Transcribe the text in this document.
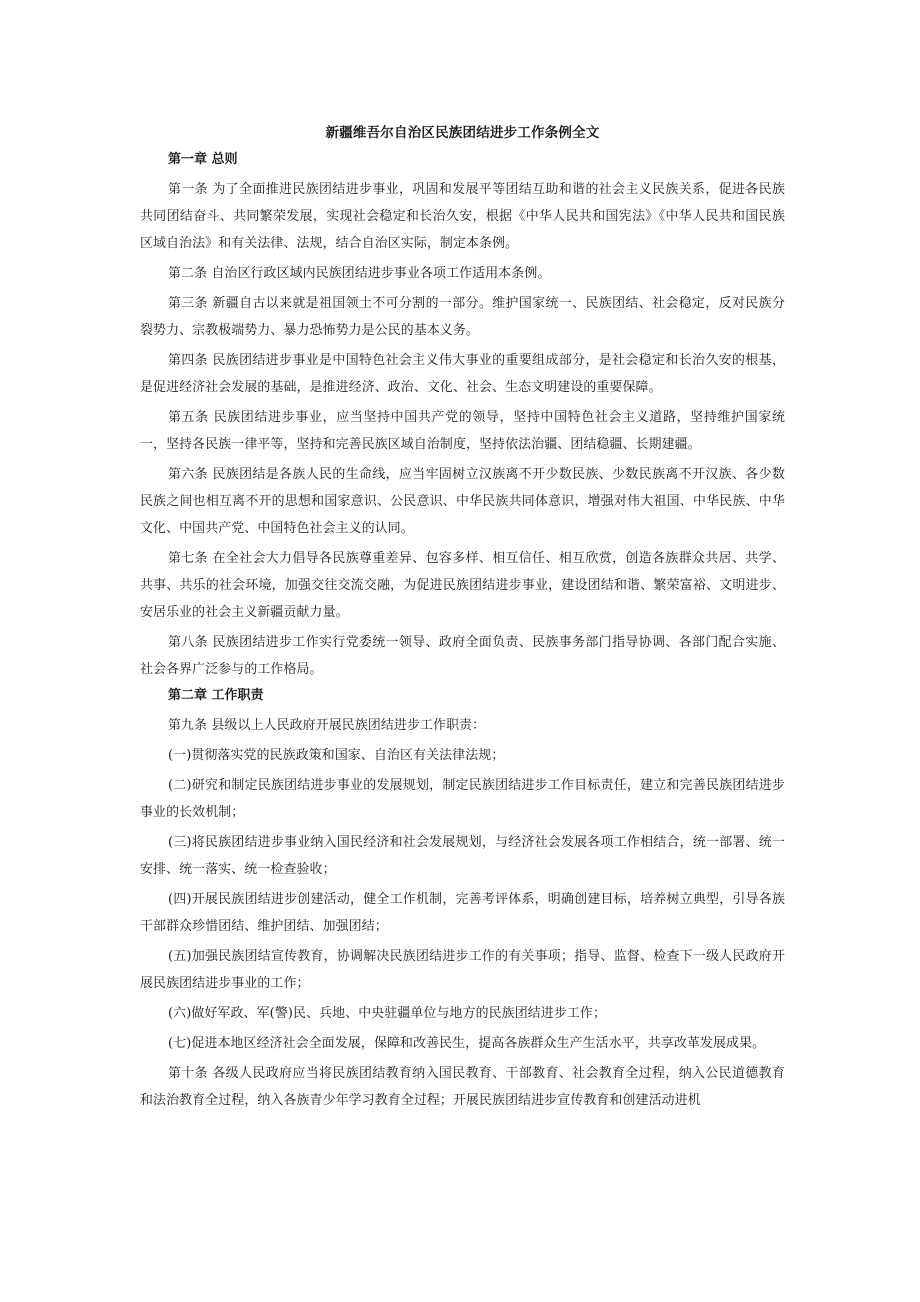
新疆维吾尔自治区民族团结进步工作条例全文
第一章 总则

第一条 为了全面推进民族团结进步事业，巩固和发展平等团结互助和谐的社会主义民族关系，促进各民族共同团结奋斗、共同繁荣发展，实现社会稳定和长治久安，根据《中华人民共和国宪法》《中华人民共和国民族区域自治法》和有关法律、法规，结合自治区实际，制定本条例。

第二条 自治区行政区域内民族团结进步事业各项工作适用本条例。

第三条 新疆自古以来就是祖国领土不可分割的一部分。维护国家统一、民族团结、社会稳定，反对民族分裂势力、宗教极端势力、暴力恐怖势力是公民的基本义务。

第四条 民族团结进步事业是中国特色社会主义伟大事业的重要组成部分，是社会稳定和长治久安的根基，是促进经济社会发展的基础，是推进经济、政治、文化、社会、生态文明建设的重要保障。

第五条 民族团结进步事业，应当坚持中国共产党的领导，坚持中国特色社会主义道路，坚持维护国家统一，坚持各民族一律平等，坚持和完善民族区域自治制度，坚持依法治疆、团结稳疆、长期建疆。

第六条 民族团结是各族人民的生命线，应当牢固树立汉族离不开少数民族、少数民族离不开汉族、各少数民族之间也相互离不开的思想和国家意识、公民意识、中华民族共同体意识，增强对伟大祖国、中华民族、中华文化、中国共产党、中国特色社会主义的认同。

第七条 在全社会大力倡导各民族尊重差异、包容多样、相互信任、相互欣赏，创造各族群众共居、共学、共事、共乐的社会环境，加强交往交流交融，为促进民族团结进步事业，建设团结和谐、繁荣富裕、文明进步、安居乐业的社会主义新疆贡献力量。

第八条 民族团结进步工作实行党委统一领导、政府全面负责、民族事务部门指导协调、各部门配合实施、社会各界广泛参与的工作格局。

第二章 工作职责

第九条 县级以上人民政府开展民族团结进步工作职责：

(一)贯彻落实党的民族政策和国家、自治区有关法律法规；

(二)研究和制定民族团结进步事业的发展规划，制定民族团结进步工作目标责任，建立和完善民族团结进步事业的长效机制；

(三)将民族团结进步事业纳入国民经济和社会发展规划，与经济社会发展各项工作相结合，统一部署、统一安排、统一落实、统一检查验收；

(四)开展民族团结进步创建活动，健全工作机制，完善考评体系，明确创建目标，培养树立典型，引导各族干部群众珍惜团结、维护团结、加强团结；

(五)加强民族团结宣传教育，协调解决民族团结进步工作的有关事项；指导、监督、检查下一级人民政府开展民族团结进步事业的工作；

(六)做好军政、军(警)民、兵地、中央驻疆单位与地方的民族团结进步工作；

(七)促进本地区经济社会全面发展，保障和改善民生，提高各族群众生产生活水平，共享改革发展成果。

第十条 各级人民政府应当将民族团结教育纳入国民教育、干部教育、社会教育全过程，纳入公民道德教育和法治教育全过程，纳入各族青少年学习教育全过程；开展民族团结进步宣传教育和创建活动进机
